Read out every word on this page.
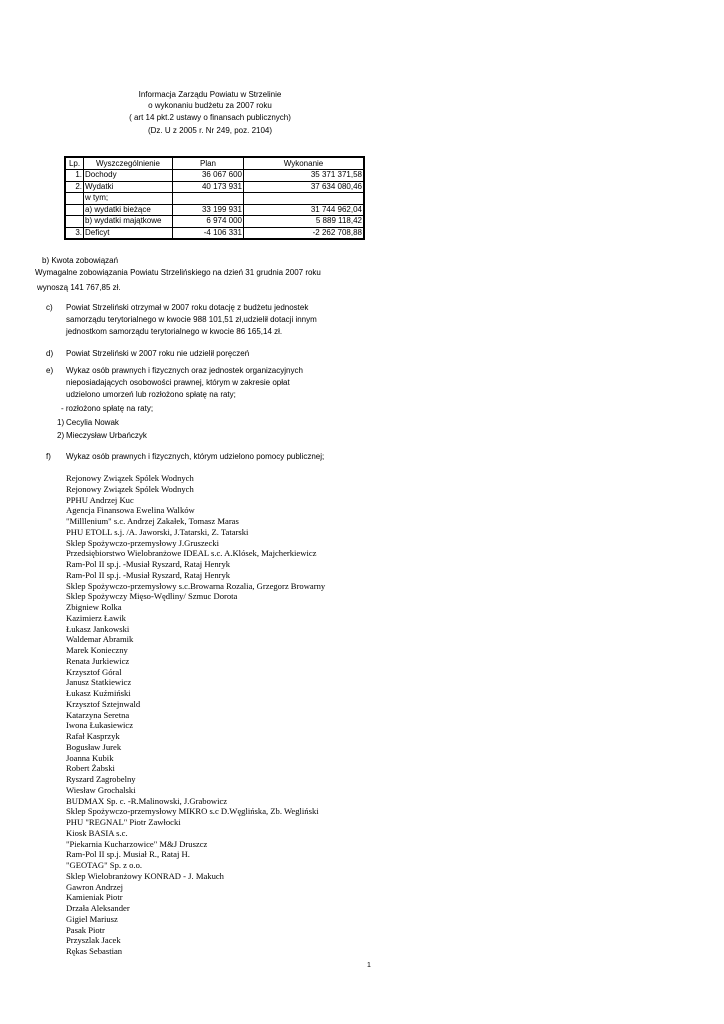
Informacja Zarządu Powiatu w Strzelinie
o wykonaniu budżetu za 2007 roku
( art 14 pkt.2 ustawy o finansach publicznych)
(Dz. U z 2005 r. Nr 249, poz. 2104)
Lp.	Wyszczególnienie	Plan	Wykonanie
1.	Dochody	36 067 600	35 371 371,58
2.	Wydatki	40 173 931	37 634 080,46
	w tym;		
	a) wydatki bieżące	33 199 931	31 744 962,04
	b) wydatki majątkowe	6 974 000	5 889 118,42
3.	Deficyt	-4 106 331	-2 262 708,88
b) Kwota zobowiązań
Wymagalne zobowiązania Powiatu Strzelińskiego na dzień 31 grudnia 2007 roku
wynoszą 141 767,85 zł.
c) Powiat Strzeliński otrzymał w 2007 roku dotację z budżetu jednostek
samorządu terytorialnego w kwocie 988 101,51 zł,udzielił dotacji innym
jednostkom samorządu terytorialnego w kwocie 86 165,14 zł.
d) Powiat Strzeliński w 2007 roku nie udzielił poręczeń
e) Wykaz osób prawnych i fizycznych oraz jednostek organizacyjnych
nieposiadających osobowości prawnej, którym w zakresie opłat
udzielono umorzeń lub rozłożono spłatę na raty;
- rozłożono spłatę na raty;
1) Cecylia Nowak
2) Mieczysław Urbańczyk
f) Wykaz osób prawnych i fizycznych, którym udzielono pomocy publicznej;
Rejonowy Związek Spólek Wodnych
Rejonowy Związek Spólek Wodnych
PPHU Andrzej Kuc
Agencja Finansowa Ewelina Walków
"Milllenium" s.c. Andrzej Zakałek, Tomasz Maras
PHU ETOLL s.j. /A. Jaworski, J.Tatarski, Z. Tatarski
Sklep Spożywczo-przemysłowy J.Gruszecki
Przedsiębiorstwo Wielobranżowe IDEAL s.c. A.Klósek, Majcherkiewicz
Ram-Pol II sp.j. -Musiał Ryszard, Rataj Henryk
Ram-Pol II sp.j. -Musiał Ryszard, Rataj Henryk
Sklep Spożywczo-przemysłowy s.c.Browarna Rozalia, Grzegorz Browarny
Sklep Spożywczy Mięso-Wędliny/ Szmuc Dorota
Zbigniew Rolka
Kazimierz Ławik
Łukasz Jankowski
Waldemar Abramik
Marek Konieczny
Renata Jurkiewicz
Krzysztof Góral
Janusz Statkiewicz
Łukasz Kuźmiński
Krzysztof Sztejnwald
Katarzyna Seretna
Iwona Łukasiewicz
Rafał Kasprzyk
Bogusław Jurek
Joanna Kubik
Robert Żabski
Ryszard Zagrobelny
Wiesław Grochalski
BUDMAX Sp. c. -R.Malinowski, J.Grabowicz
Sklep Spożywczo-przemysłowy MIKRO s.c D.Węglińska, Zb. Wegliński
PHU "REGNAL" Piotr Zawłocki
Kiosk BASIA s.c.
"Piekarnia Kucharzowice" M&J Druszcz
Ram-Pol II sp.j. Musiał R., Rataj H.
"GEOTAG" Sp. z o.o.
Sklep Wielobranżowy KONRAD - J. Makuch
Gawron Andrzej
Kamieniak Piotr
Drzała Aleksander
Gigiel Mariusz
Pasak Piotr
Przyszlak Jacek
Rękas Sebastian
1
